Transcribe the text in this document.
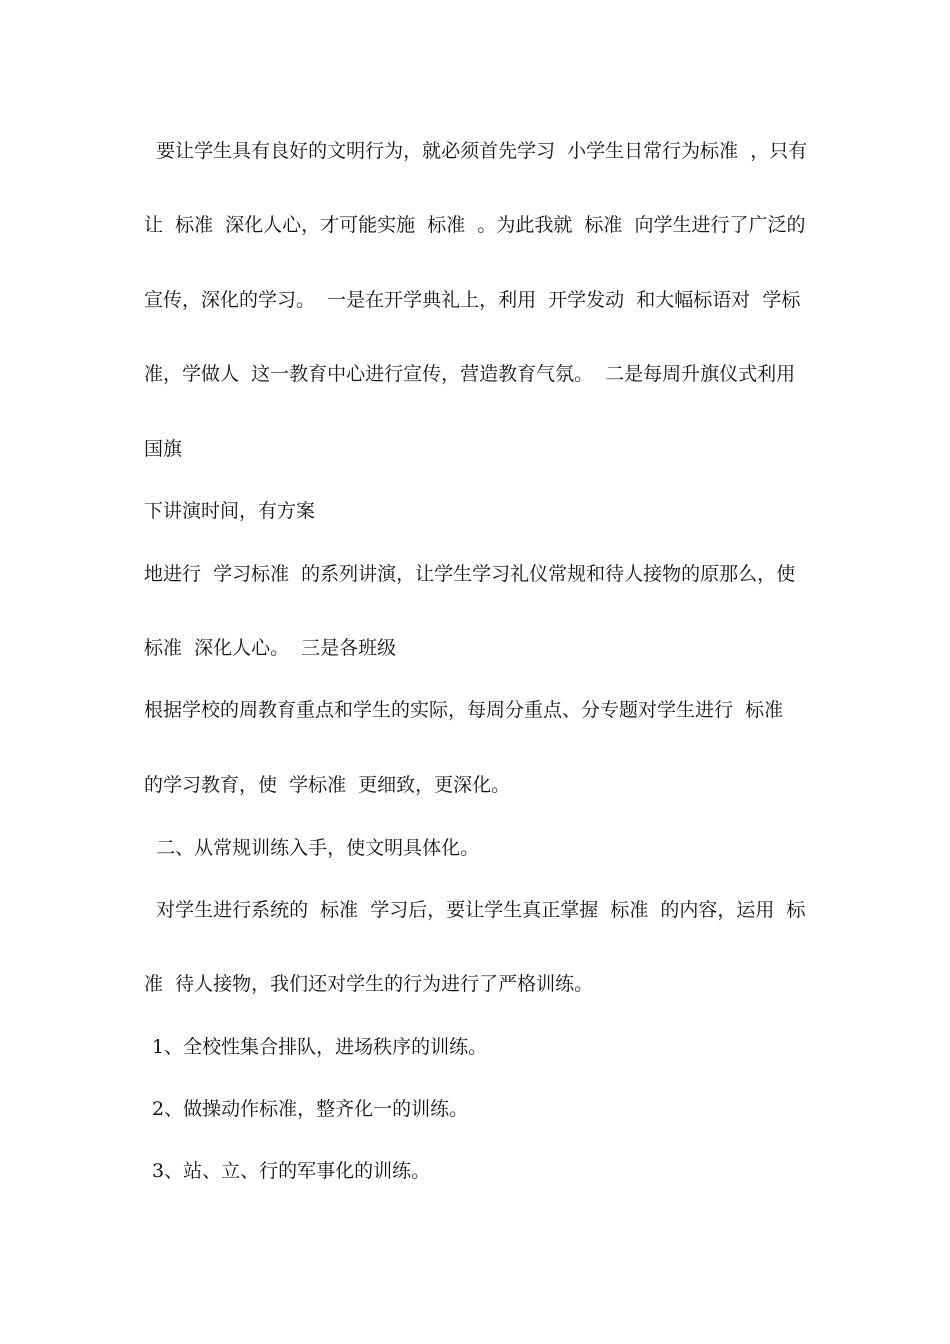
要让学生具有良好的文明行为，就必须首先学习  小学生日常行为标准  ，只有
让  标准  深化人心，才可能实施  标准  。为此我就  标准  向学生进行了广泛的
宣传，深化的学习。  一是在开学典礼上，利用  开学发动  和大幅标语对  学标
准，学做人  这一教育中心进行宣传，营造教育气氛。  二是每周升旗仪式利用
国旗
下讲演时间，有方案
地进行  学习标准  的系列讲演，让学生学习礼仪常规和待人接物的原那么，使
标准  深化人心。  三是各班级
根据学校的周教育重点和学生的实际，每周分重点、分专题对学生进行  标准
的学习教育，使  学标准  更细致，更深化。
二、从常规训练入手，使文明具体化。
对学生进行系统的  标准  学习后，要让学生真正掌握  标准  的内容，运用  标
准  待人接物，我们还对学生的行为进行了严格训练。
1、全校性集合排队，进场秩序的训练。
2、做操动作标准，整齐化一的训练。
3、站、立、行的军事化的训练。
